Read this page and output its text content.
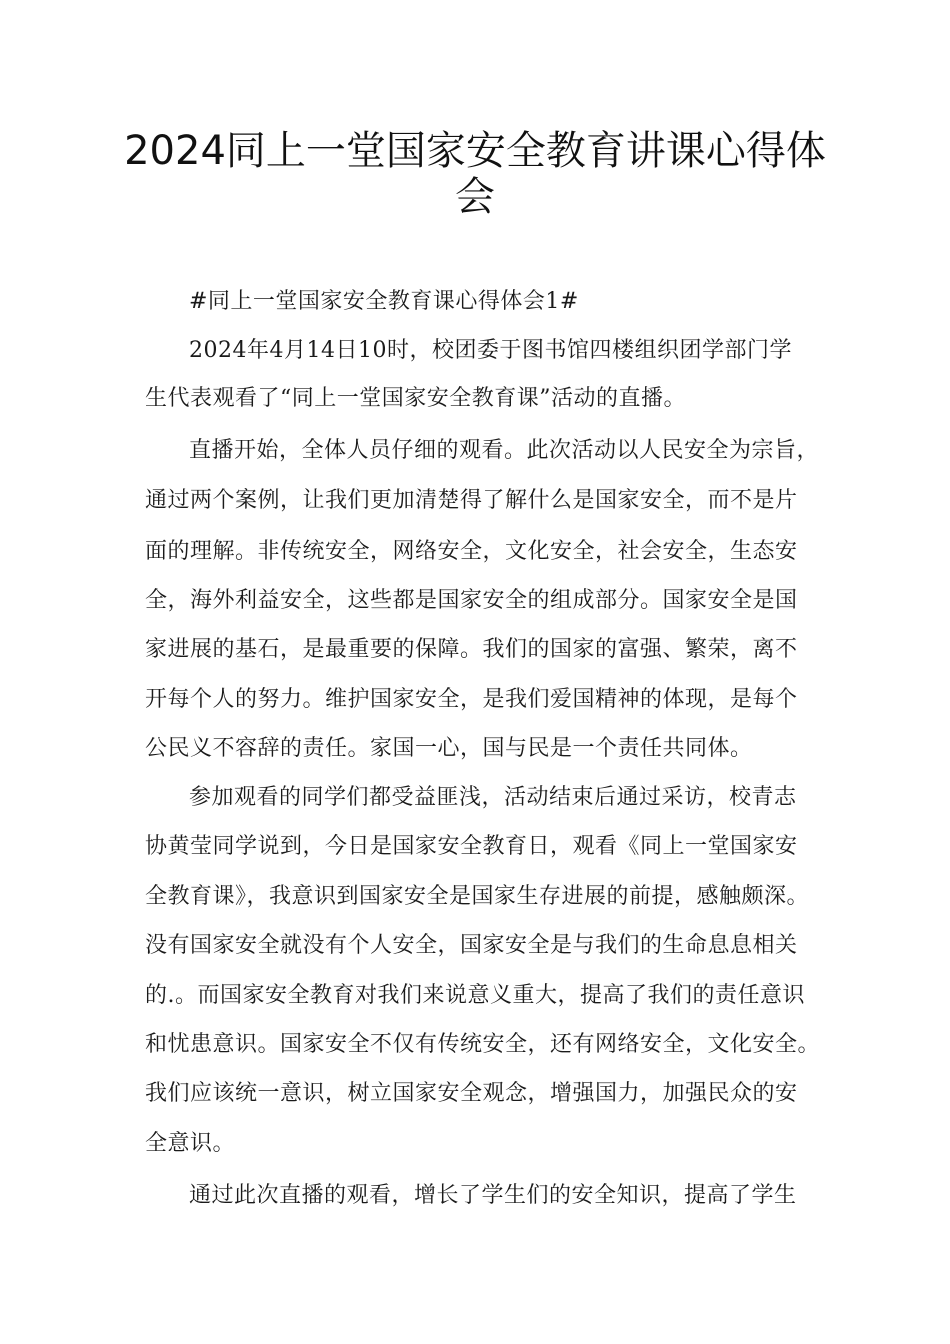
2024同上一堂国家安全教育讲课心得体
会

#同上一堂国家安全教育课心得体会1#

2024年4月14日10时，校团委于图书馆四楼组织团学部门学

生代表观看了“同上一堂国家安全教育课”活动的直播。

直播开始，全体人员仔细的观看。此次活动以人民安全为宗旨，

通过两个案例，让我们更加清楚得了解什么是国家安全，而不是片

面的理解。非传统安全，网络安全，文化安全，社会安全，生态安

全，海外利益安全，这些都是国家安全的组成部分。国家安全是国

家进展的基石，是最重要的保障。我们的国家的富强、繁荣，离不

开每个人的努力。维护国家安全，是我们爱国精神的体现，是每个

公民义不容辞的责任。家国一心，国与民是一个责任共同体。

参加观看的同学们都受益匪浅，活动结束后通过采访，校青志

协黄莹同学说到，今日是国家安全教育日，观看《同上一堂国家安

全教育课》，我意识到国家安全是国家生存进展的前提，感触颇深。

没有国家安全就没有个人安全，国家安全是与我们的生命息息相关

的.。而国家安全教育对我们来说意义重大，提高了我们的责任意识

和忧患意识。国家安全不仅有传统安全，还有网络安全，文化安全。

我们应该统一意识，树立国家安全观念，增强国力，加强民众的安

全意识。

通过此次直播的观看，增长了学生们的安全知识，提高了学生
